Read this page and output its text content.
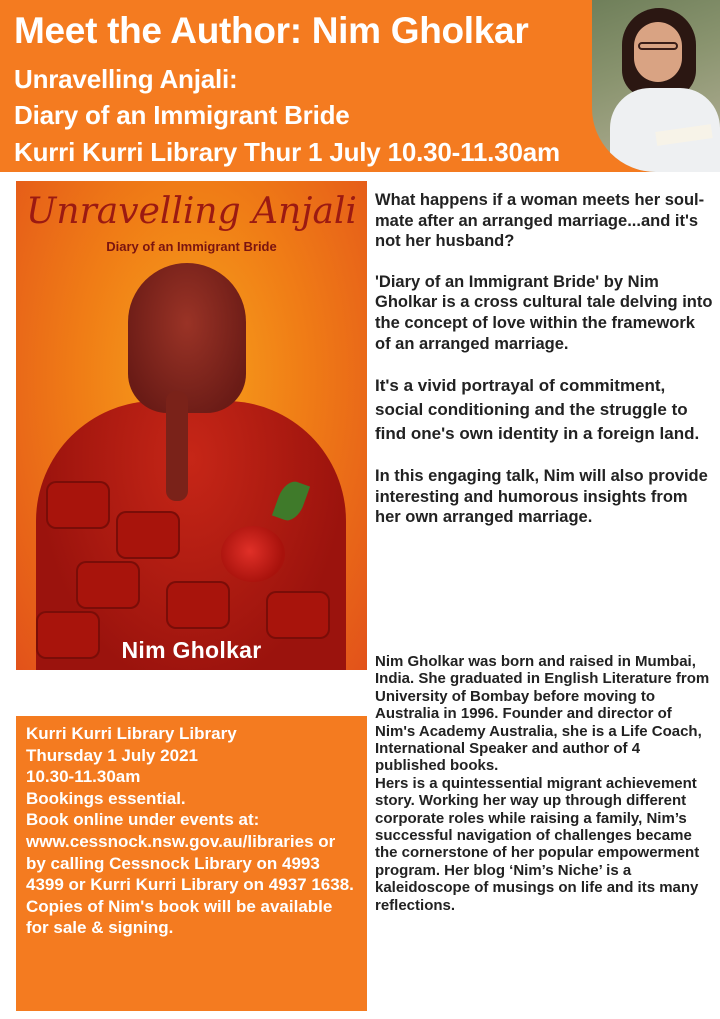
Meet the Author: Nim Gholkar
Unravelling Anjali:
Diary of an Immigrant Bride
Kurri Kurri Library Thur 1 July 10.30-11.30am
Unravelling Anjali
Diary of an Immigrant Bride
Nim Gholkar

What happens if a woman meets her soul-mate after an arranged marriage...and it's not her husband?

'Diary of an Immigrant Bride' by Nim Gholkar is a cross cultural tale delving into the concept of love within the framework of an arranged marriage.

It's a vivid portrayal of commitment, social conditioning and the struggle to find one's own identity in a foreign land.

In this engaging talk, Nim will also provide interesting and humorous insights from her own arranged marriage.

Nim Gholkar was born and raised in Mumbai, India. She graduated in English Literature from University of Bombay before moving to Australia in 1996. Founder and director of Nim's Academy Australia, she is a Life Coach, International Speaker and author of 4 published books.

Hers is a quintessential migrant achievement story. Working her way up through different corporate roles while raising a family, Nim’s successful navigation of challenges became the cornerstone of her popular empowerment program. Her blog ‘Nim’s Niche’ is a kaleidoscope of musings on life and its many reflections.

Kurri Kurri Library Library

Thursday 1 July 2021

10.30-11.30am

Bookings essential.

Book online under events at: www.cessnock.nsw.gov.au/libraries or by calling Cessnock Library on 4993 4399 or Kurri Kurri Library on 4937 1638.

Copies of Nim's book will be available for sale & signing.
